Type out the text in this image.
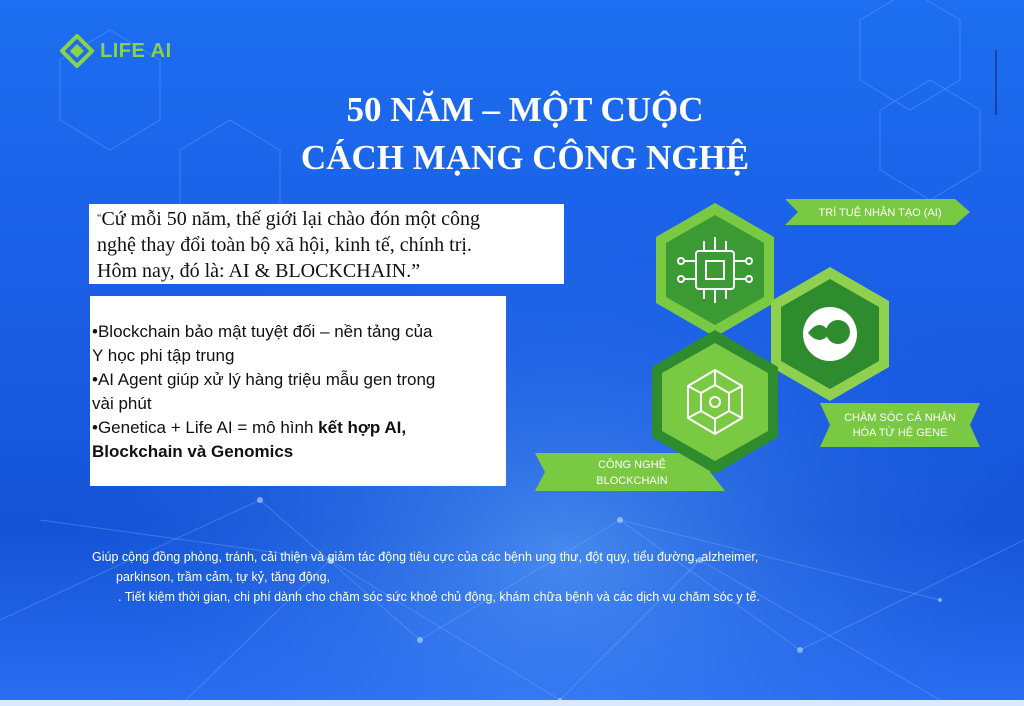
LIFE AI
50 NĂM – MỘT CUỘC
CÁCH MẠNG CÔNG NGHỆ
“Cứ mỗi 50 năm, thế giới lại chào đón một công
nghệ thay đổi toàn bộ xã hội, kinh tế, chính trị.
Hôm nay, đó là: AI & BLOCKCHAIN.”
•Blockchain bảo mật tuyệt đối – nền tảng của
Y học phi tập trung
•AI Agent giúp xử lý hàng triệu mẫu gen trong
vài phút
•Genetica + Life AI = mô hình kết hợp AI,
Blockchain và Genomics
TRÍ TUỆ NHÂN TẠO (AI)
CHĂM SÓC CÁ NHÂN
HÓA TỪ HỆ GENE
CÔNG NGHỆ
BLOCKCHAIN
Giúp cộng đồng phòng, tránh, cải thiện và giảm tác động tiêu cực của các bệnh ung thư, đột quỵ, tiểu đường, alzheimer,
parkinson, trầm cảm, tự kỷ, tăng động,
. Tiết kiệm thời gian, chi phí dành cho chăm sóc sức khoẻ chủ động, khám chữa bệnh và các dịch vụ chăm sóc y tế.
